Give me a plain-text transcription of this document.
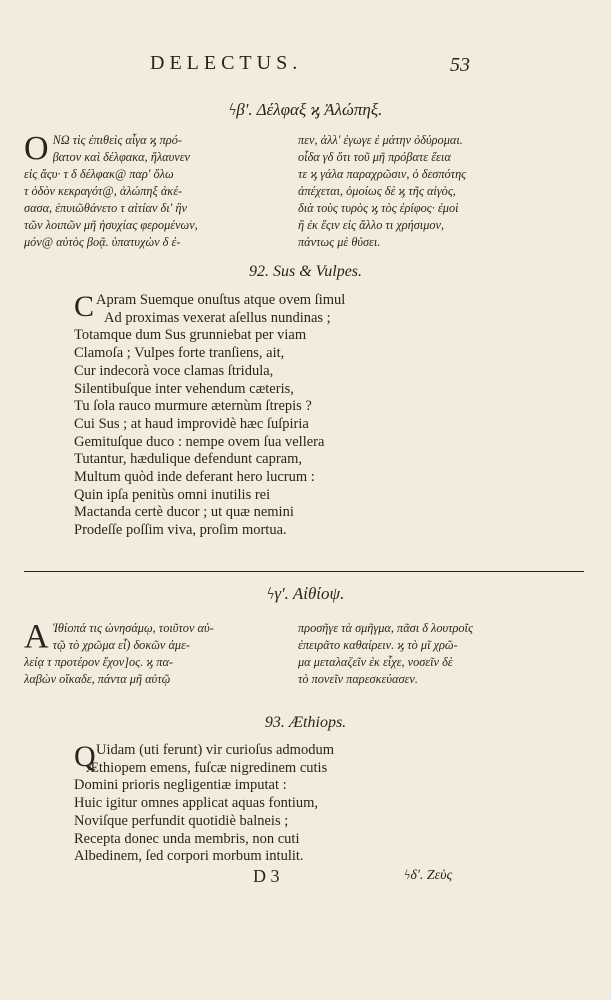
DELECTUS.	53
ϟβʹ. Δέλφαξ ϗ Ἀλώπηξ.
Ο ΝΩ τὶς ἐπιθεὶς αἶγα ϗ πρό-
βατον καὶ δέλφακα, ἤλαυνεν
εἰς ἄςυ· τ δ δέλφακ@ παρ' ὅλω
τ ὁδὸν κεκραγότ@, ἀλώπηξ ἀκέ-
σασα, ἐπυιῶθάνετο τ αἰτίαν δι' ἣν
τῶν λοιπῶν μῆ ἡσυχίας φερομένων,
μόν@ αὐτὸς βοᾷ. ὑπατυχὼν δ ἐ-
πεν, ἀλλ' ἐγωγε ἐ μάτην ὀδύρομαι.
οἶδα γδ ὅτι τοῦ μῆ πρόβατε ἕεια
τε ϗ γάλα παραχρῶσιν, ὁ δεσπότης
ἀπέχεται, ὁμοίως δὲ ϗ τῆς αἰγὸς,
διὰ τοὺς τυρὸς ϗ τὸς ἐρίφος· ἐμοὶ
ἢ ἐκ ἔςιν εἰς ἄλλο τι χρήσιμον,
πάντως μὲ θύσει.
92. Sus & Vulpes.
C Apram Suemque onuſtus atque ovem ſimul
Ad proximas vexerat aſellus nundinas ;
Totamque dum Sus grunniebat per viam
Clamoſa ; Vulpes forte tranſiens, ait,
Cur indecorà voce clamas ſtridula,
Silentibuſque inter vehendum cæteris,
Tu ſola rauco murmure æternùm ſtrepis ?
Cui Sus ; at haud improvidè hæc ſuſpiria
Gemituſque duco : nempe ovem ſua vellera
Tutantur, hædulique defendunt capram,
Multum quòd inde deferant hero lucrum :
Quin ipſa penitùs omni inutilis rei
Mactanda certè ducor ; ut quæ nemini
Prodeſſe poſſim viva, proſim mortua.
ϟγʹ. Αἰθίοψ.
Α Ἰθίοπά τις ὠνησάμῳ, τοιῦτον αὐ-
τῷ τὸ χρῶμα εἶ) δοκῶν ἀμε-
λείᾳ τ προτέρον ἔχον]ος. ϗ πα-
λαβὼν οἴκαδε, πάντα μῆ αὐτῷ
προσῆγε τὰ σμῆγμα, πᾶσι δ λουτροῖς
ἐπειρᾶτο καθαίρειν. ϗ τὸ μῖ χρῶ-
μα μεταλαζεῖν ἐκ εἶχε, νοσεῖν δὲ
τὸ πονεῖν παρεσκεύασεν.
93. Æthiops.
Q Uidam (uti ferunt) vir curioſus admodum
Æthiopem emens, fuſcæ nigredinem cutis
Domini prioris negligentiæ imputat :
Huic igitur omnes applicat aquas fontium,
Noviſque perfundit quotidiè balneis ;
Recepta donec unda membris, non cuti
Albedinem, ſed corpori morbum intulit.
D 3	ϟδʹ. Ζεὺς
